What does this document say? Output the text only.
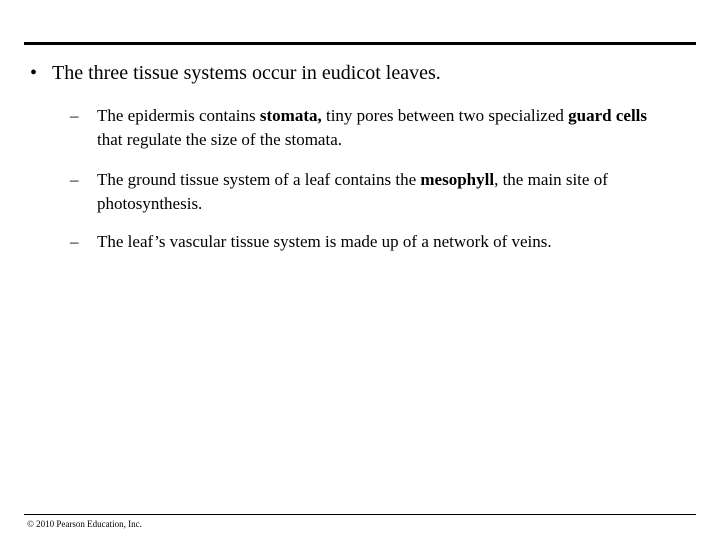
• The three tissue systems occur in eudicot leaves.
– The epidermis contains stomata, tiny pores between two specialized guard cells that regulate the size of the stomata.
– The ground tissue system of a leaf contains the mesophyll, the main site of photosynthesis.
– The leaf’s vascular tissue system is made up of a network of veins.
© 2010 Pearson Education, Inc.
